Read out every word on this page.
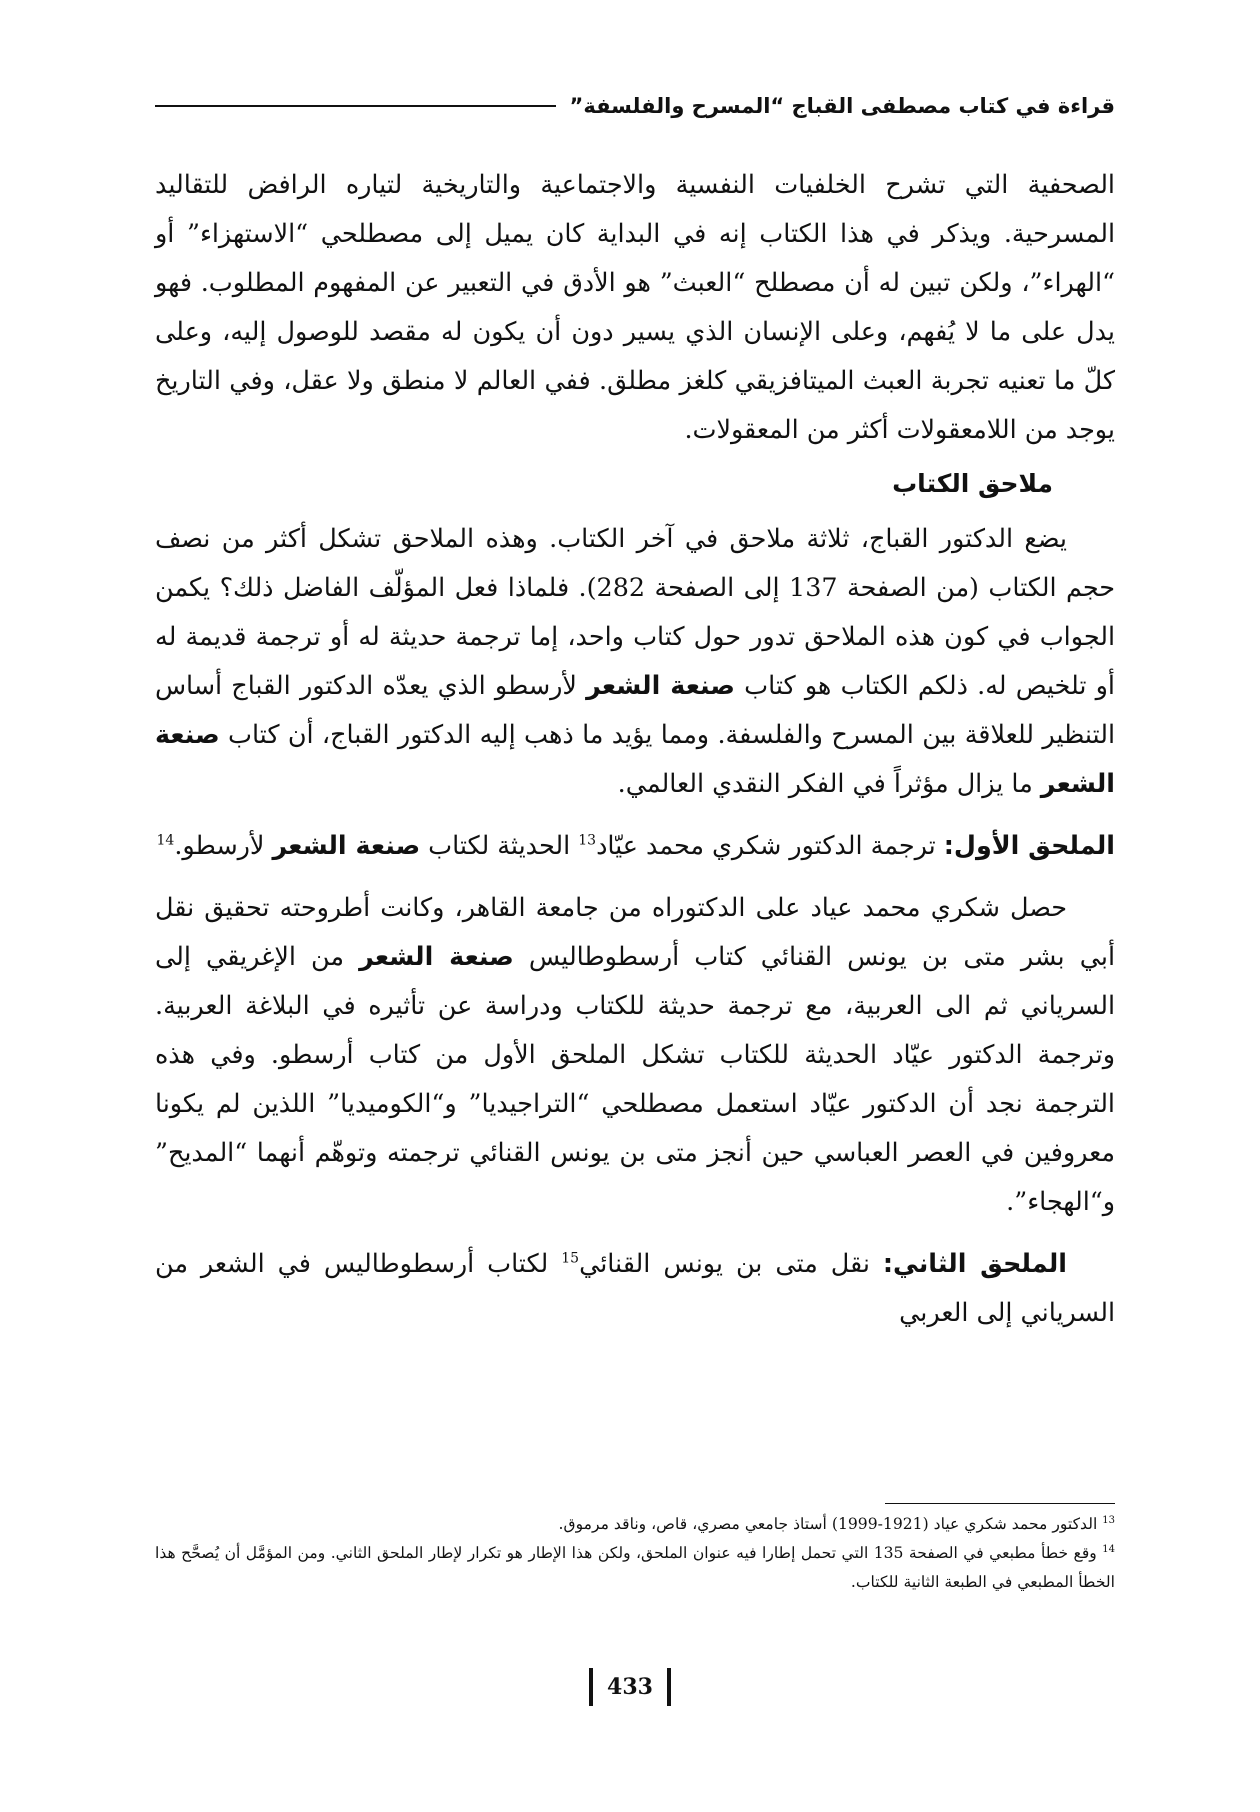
قراءة في كتاب مصطفى القباج “المسرح والفلسفة”

الصحفية التي تشرح الخلفيات النفسية والاجتماعية والتاريخية لتياره الرافض للتقاليد المسرحية. ويذكر في هذا الكتاب إنه في البداية كان يميل إلى مصطلحي “الاستهزاء” أو “الهراء”، ولكن تبين له أن مصطلح “العبث” هو الأدق في التعبير عن المفهوم المطلوب. فهو يدل على ما لا يُفهم، وعلى الإنسان الذي يسير دون أن يكون له مقصد للوصول إليه، وعلى كلّ ما تعنيه تجربة العبث الميتافزيقي كلغز مطلق. ففي العالم لا منطق ولا عقل، وفي التاريخ يوجد من اللامعقولات أكثر من المعقولات.

ملاحق الكتاب

يضع الدكتور القباج، ثلاثة ملاحق في آخر الكتاب. وهذه الملاحق تشكل أكثر من نصف حجم الكتاب (من الصفحة 137 إلى الصفحة 282). فلماذا فعل المؤلّف الفاضل ذلك؟ يكمن الجواب في كون هذه الملاحق تدور حول كتاب واحد، إما ترجمة حديثة له أو ترجمة قديمة له أو تلخيص له. ذلكم الكتاب هو كتاب صنعة الشعر لأرسطو الذي يعدّه الدكتور القباج أساس التنظير للعلاقة بين المسرح والفلسفة. ومما يؤيد ما ذهب إليه الدكتور القباج، أن كتاب صنعة الشعر ما يزال مؤثراً في الفكر النقدي العالمي.

الملحق الأول: ترجمة الدكتور شكري محمد عيّاد$^{13}$ الحديثة لكتاب صنعة الشعر لأرسطو.$^{14}$

حصل شكري محمد عياد على الدكتوراه من جامعة القاهر، وكانت أطروحته تحقيق نقل أبي بشر متى بن يونس القنائي كتاب أرسطوطاليس صنعة الشعر من الإغريقي إلى السرياني ثم الى العربية، مع ترجمة حديثة للكتاب ودراسة عن تأثيره في البلاغة العربية. وترجمة الدكتور عيّاد الحديثة للكتاب تشكل الملحق الأول من كتاب أرسطو. وفي هذه الترجمة نجد أن الدكتور عيّاد استعمل مصطلحي “التراجيديا” و“الكوميديا” اللذين لم يكونا معروفين في العصر العباسي حين أنجز متى بن يونس القنائي ترجمته وتوهّم أنهما “المديح” و“الهجاء”.

الملحق الثاني: نقل متى بن يونس القنائي$^{15}$ لكتاب أرسطوطاليس في الشعر من السرياني إلى العربي

$^{13}$ الدكتور محمد شكري عياد (1921-1999) أستاذ جامعي مصري، قاص، وناقد مرموق.

$^{14}$ وقع خطأ مطبعي في الصفحة 135 التي تحمل إطارا فيه عنوان الملحق، ولكن هذا الإطار هو تكرار لإطار الملحق الثاني. ومن المؤمَّل أن يُصحَّح هذا الخطأ المطبعي في الطبعة الثانية للكتاب.

433
